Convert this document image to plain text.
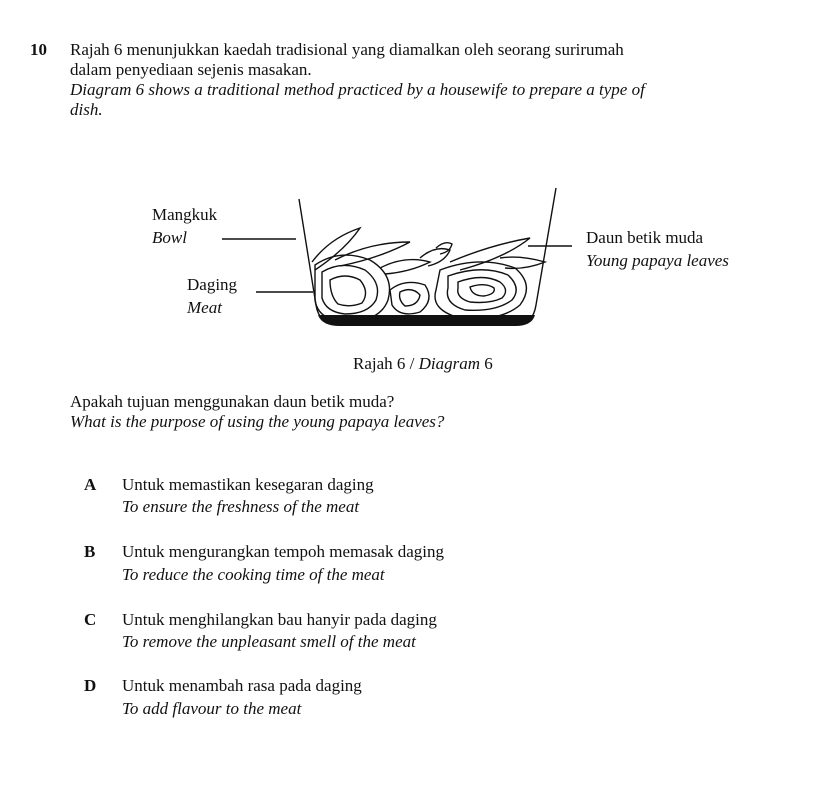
10 Rajah 6 menunjukkan kaedah tradisional yang diamalkan oleh seorang surirumah
dalam penyediaan sejenis masakan.
Diagram 6 shows a traditional method practiced by a housewife to prepare a type of
dish.
Mangkuk
Bowl
Daging
Meat
Daun betik muda
Young papaya leaves
Rajah 6 / Diagram 6
Apakah tujuan menggunakan daun betik muda?
What is the purpose of using the young papaya leaves?
A Untuk memastikan kesegaran daging
To ensure the freshness of the meat
B Untuk mengurangkan tempoh memasak daging
To reduce the cooking time of the meat
C Untuk menghilangkan bau hanyir pada daging
To remove the unpleasant smell of the meat
D Untuk menambah rasa pada daging
To add flavour to the meat
